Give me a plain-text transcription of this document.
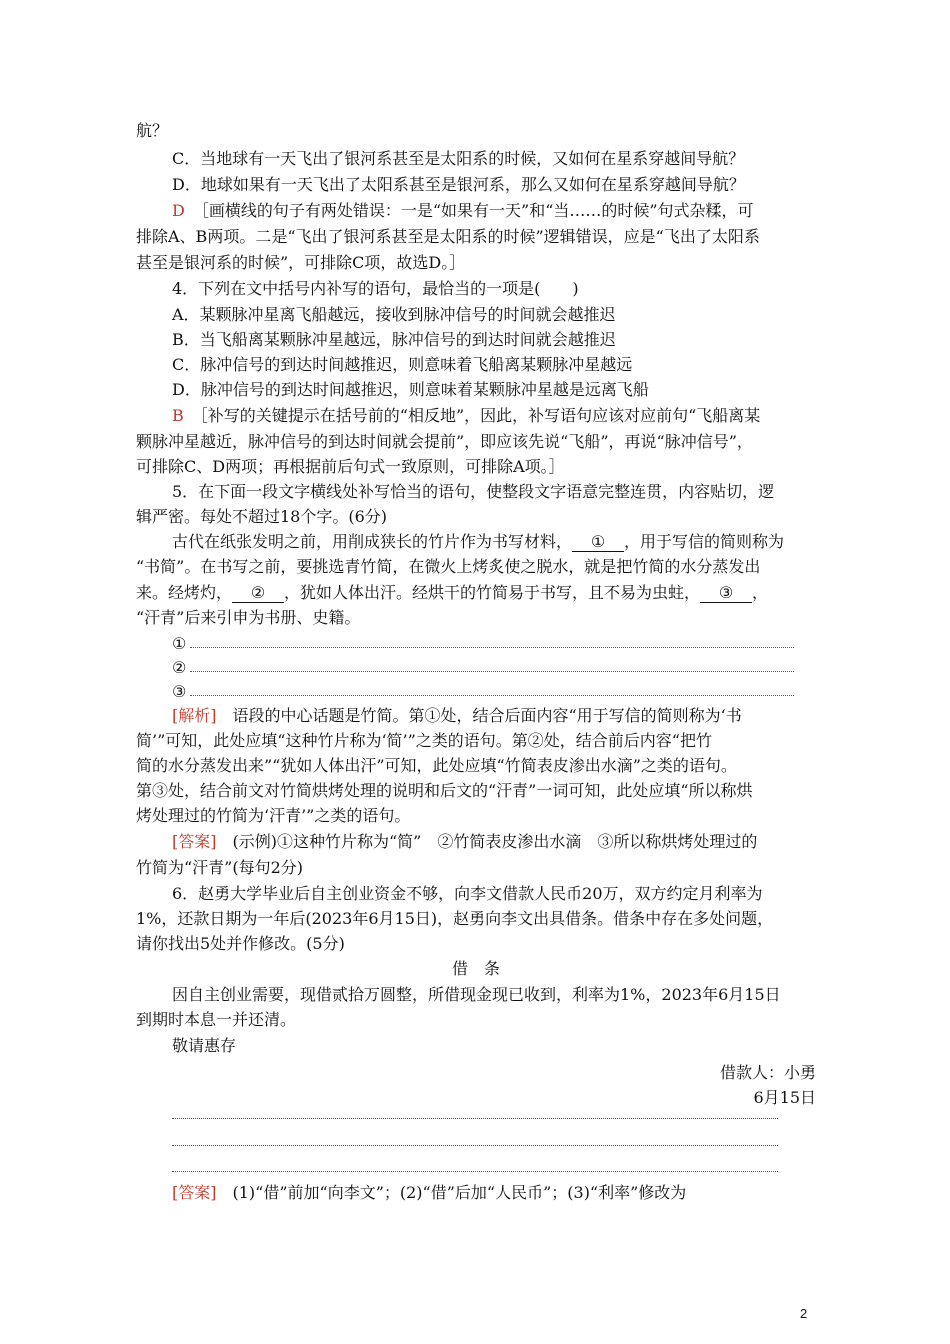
航？

C．当地球有一天飞出了银河系甚至是太阳系的时候，又如何在星系穿越间导航？

D．地球如果有一天飞出了太阳系甚至是银河系，那么又如何在星系穿越间导航？

D  ［画横线的句子有两处错误：一是“如果有一天”和“当……的时候”句式杂糅，可

排除A、B两项。二是“飞出了银河系甚至是太阳系的时候”逻辑错误，应是“飞出了太阳系

甚至是银河系的时候”，可排除C项，故选D。］

4．下列在文中括号内补写的语句，最恰当的一项是(　　)

A．某颗脉冲星离飞船越远，接收到脉冲信号的时间就会越推迟

B．当飞船离某颗脉冲星越远，脉冲信号的到达时间就会越推迟

C．脉冲信号的到达时间越推迟，则意味着飞船离某颗脉冲星越远

D．脉冲信号的到达时间越推迟，则意味着某颗脉冲星越是远离飞船

B  ［补写的关键提示在括号前的“相反地”，因此，补写语句应该对应前句“飞船离某

颗脉冲星越近，脉冲信号的到达时间就会提前”，即应该先说“飞船”，再说“脉冲信号”，

可排除C、D两项；再根据前后句式一致原则，可排除A项。］

5．在下面一段文字横线处补写恰当的语句，使整段文字语意完整连贯，内容贴切，逻

辑严密。每处不超过18个字。(6分)

古代在纸张发明之前，用削成狭长的竹片作为书写材料， ① ，用于写信的简则称为

“书简”。在书写之前，要挑选青竹简，在微火上烤炙使之脱水，就是把竹简的水分蒸发出

来。经烤灼， ② ，犹如人体出汗。经烘干的竹简易于书写，且不易为虫蛀， ③ ，

“汗青”后来引申为书册、史籍。

①

②

③

[解析]  语段的中心话题是竹简。第①处，结合后面内容“用于写信的简则称为‘书

简’”可知，此处应填“这种竹片称为‘简’”之类的语句。第②处，结合前后内容“把竹

简的水分蒸发出来”“犹如人体出汗”可知，此处应填“竹简表皮渗出水滴”之类的语句。

第③处，结合前文对竹简烘烤处理的说明和后文的“汗青”一词可知，此处应填“所以称烘

烤处理过的竹简为‘汗青’”之类的语句。

[答案]  (示例)①这种竹片称为“简”　②竹简表皮渗出水滴　③所以称烘烤处理过的

竹简为“汗青”(每句2分)

6．赵勇大学毕业后自主创业资金不够，向李文借款人民币20万，双方约定月利率为

1%，还款日期为一年后(2023年6月15日)，赵勇向李文出具借条。借条中存在多处问题，

请你找出5处并作修改。(5分)

借　条

因自主创业需要，现借贰拾万圆整，所借现金现已收到，利率为1%，2023年6月15日

到期时本息一并还清。

敬请惠存

借款人：小勇

6月15日

[答案]  (1)“借”前加“向李文”；(2)“借”后加“人民币”；(3)“利率”修改为

2
